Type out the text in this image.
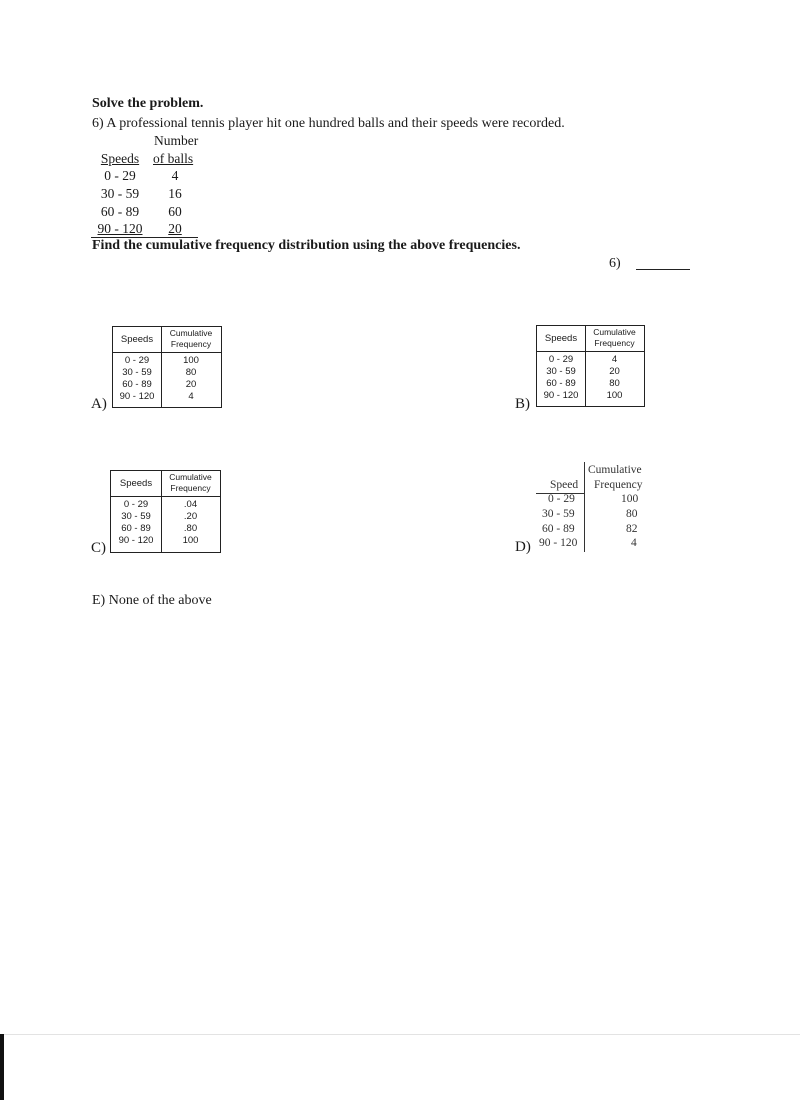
Solve the problem.
6) A professional tennis player hit one hundred balls and their speeds were recorded.
Number
Speeds	of balls
0 - 29	4
30 - 59	16
60 - 89	60
90 - 120	20
Find the cumulative frequency distribution using the above frequencies.
6)
A)
Speeds
Cumulative
Frequency
0 - 29	100
30 - 59	80
60 - 89	20
90 - 120	4	B)
Speeds
Cumulative
Frequency
0 - 29	4
30 - 59	20
60 - 89	80
90 - 120	100
C)
Speeds
Cumulative
Frequency
0 - 29	.04
30 - 59	.20
60 - 89	.80
90 - 120	100	D)
Cumulative
Frequency
Speed
0 - 29	100
30 - 59	80
60 - 89	82
90 - 120	4
E) None of the above
